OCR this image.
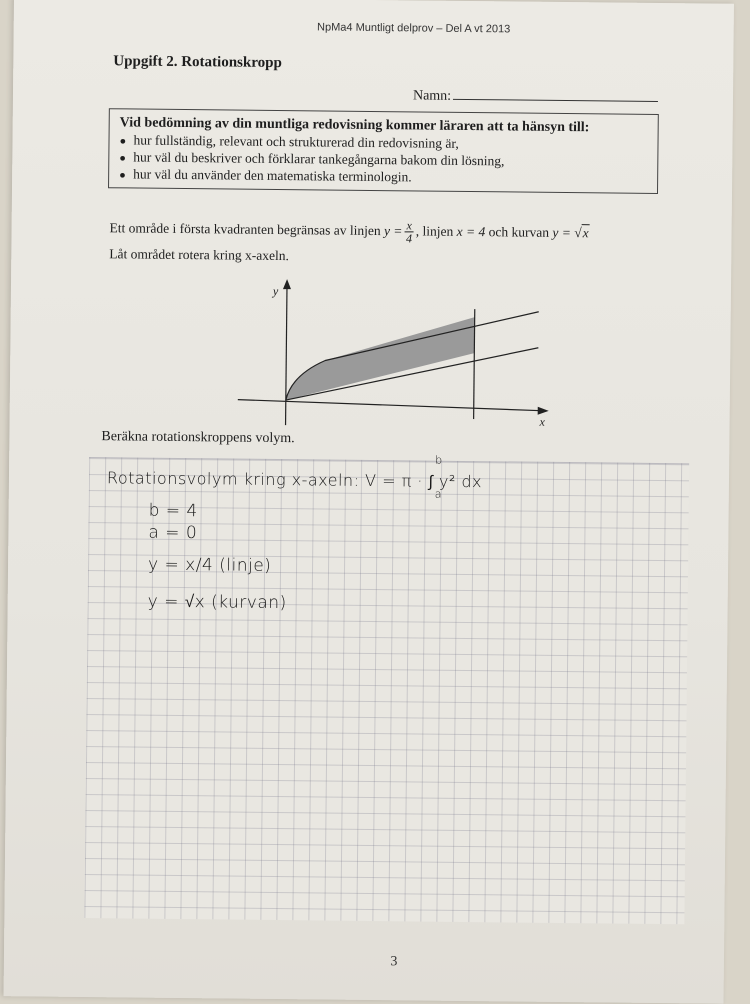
NpMa4 Muntligt delprov – Del A vt 2013
Uppgift 2. Rotationskropp
Namn:
Vid bedömning av din muntliga redovisning kommer läraren att ta hänsyn till:
● hur fullständig, relevant och strukturerad din redovisning är,
● hur väl du beskriver och förklarar tankegångarna bakom din lösning,
● hur väl du använder den matematiska terminologin.
Ett område i första kvadranten begränsas av linjen $y = \frac{x}{4}$ , linjen x = 4 och kurvan y = √x
Låt området rotera kring x-axeln.
y
x
Beräkna rotationskroppens volym.
Rotationsvolym kring x-axeln: V = π · ∫ y² dx
b
a
b = 4
a = 0
y = x/4 (linje)
y = √x (kurvan)
3
